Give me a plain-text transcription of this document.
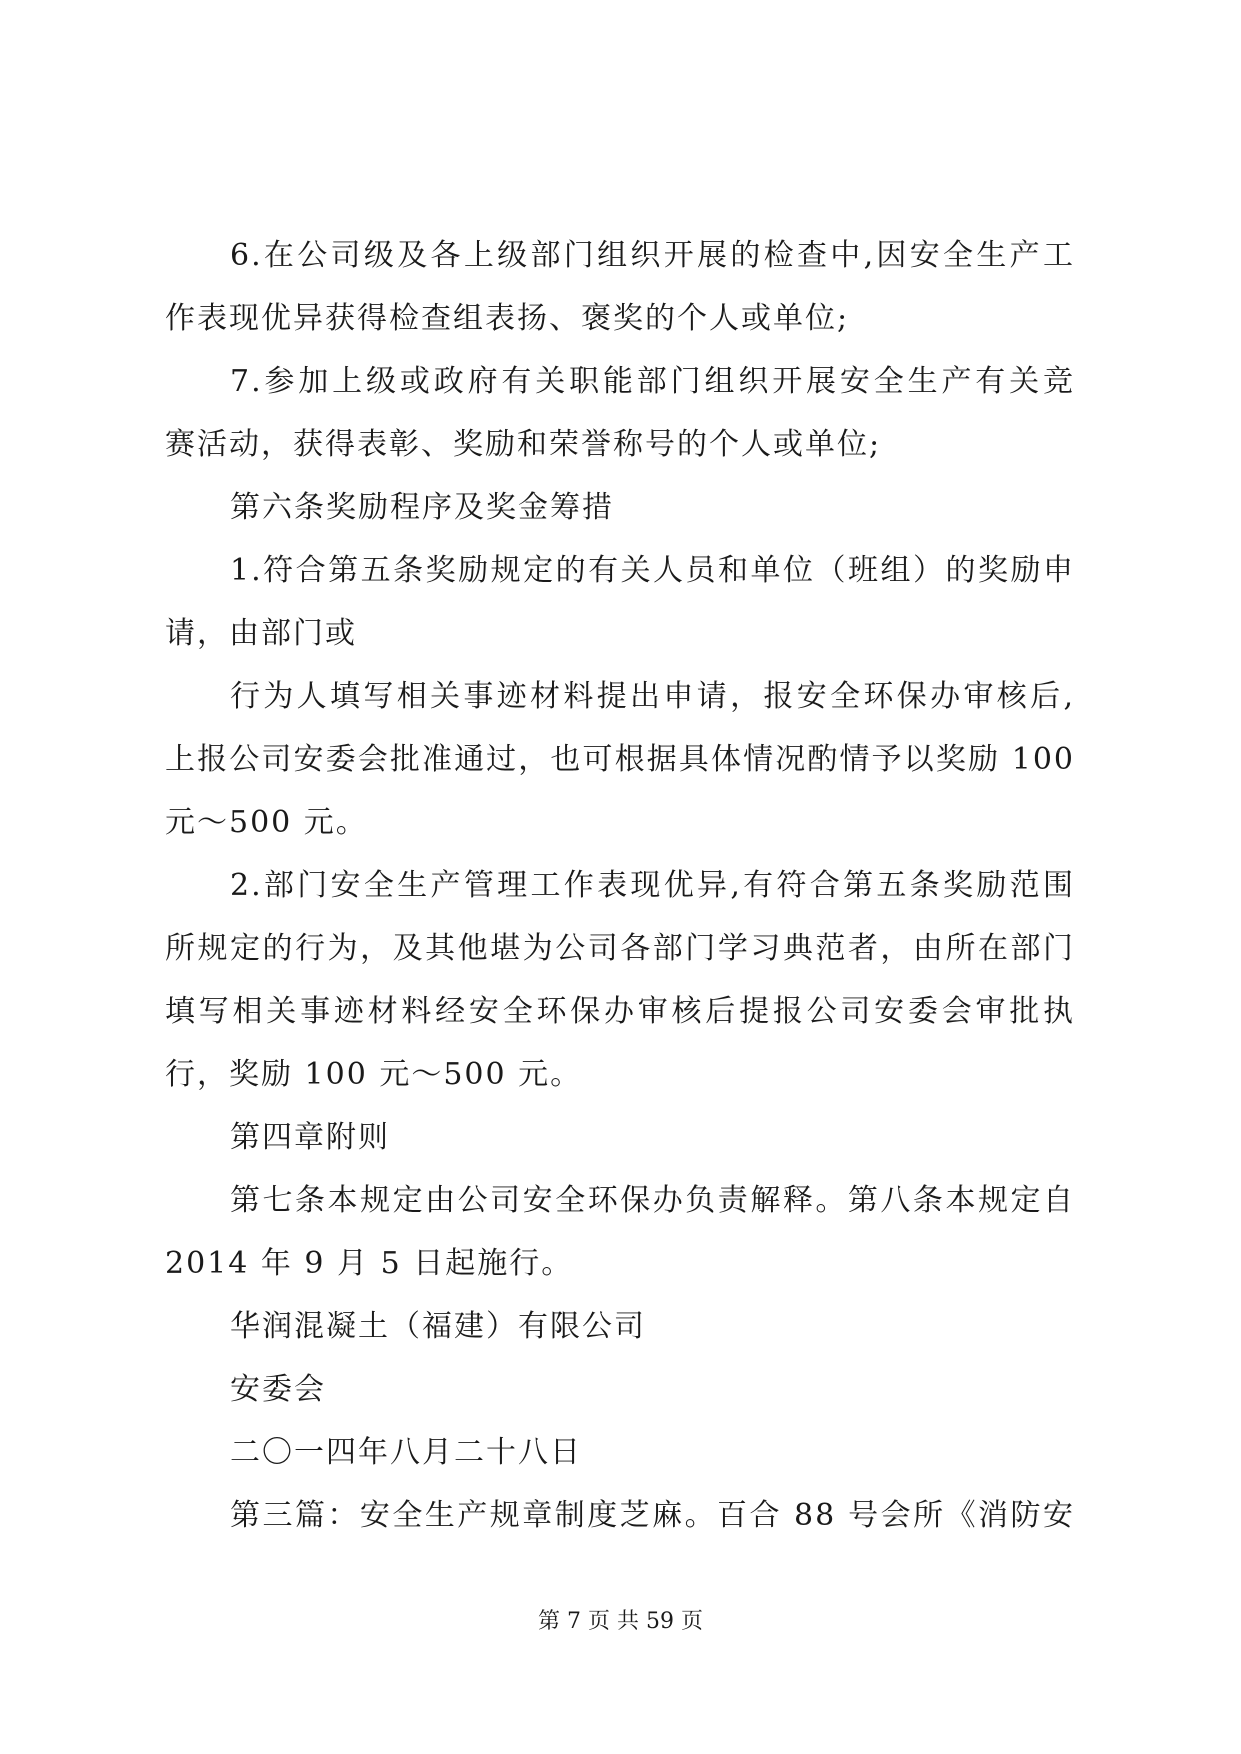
6.在公司级及各上级部门组织开展的检查中,因安全生产工
作表现优异获得检查组表扬、褒奖的个人或单位;
7.参加上级或政府有关职能部门组织开展安全生产有关竞
赛活动，获得表彰、奖励和荣誉称号的个人或单位;
第六条奖励程序及奖金筹措
1.符合第五条奖励规定的有关人员和单位（班组）的奖励申
请，由部门或
行为人填写相关事迹材料提出申请，报安全环保办审核后,
上报公司安委会批准通过，也可根据具体情况酌情予以奖励 100
元～500 元。
2.部门安全生产管理工作表现优异,有符合第五条奖励范围
所规定的行为，及其他堪为公司各部门学习典范者，由所在部门
填写相关事迹材料经安全环保办审核后提报公司安委会审批执
行，奖励 100 元～500 元。
第四章附则
第七条本规定由公司安全环保办负责解释。第八条本规定自
2014 年 9 月 5 日起施行。
华润混凝土（福建）有限公司
安委会
二〇一四年八月二十八日
第三篇：安全生产规章制度芝麻。百合 88 号会所《消防安
第 7 页 共 59 页
